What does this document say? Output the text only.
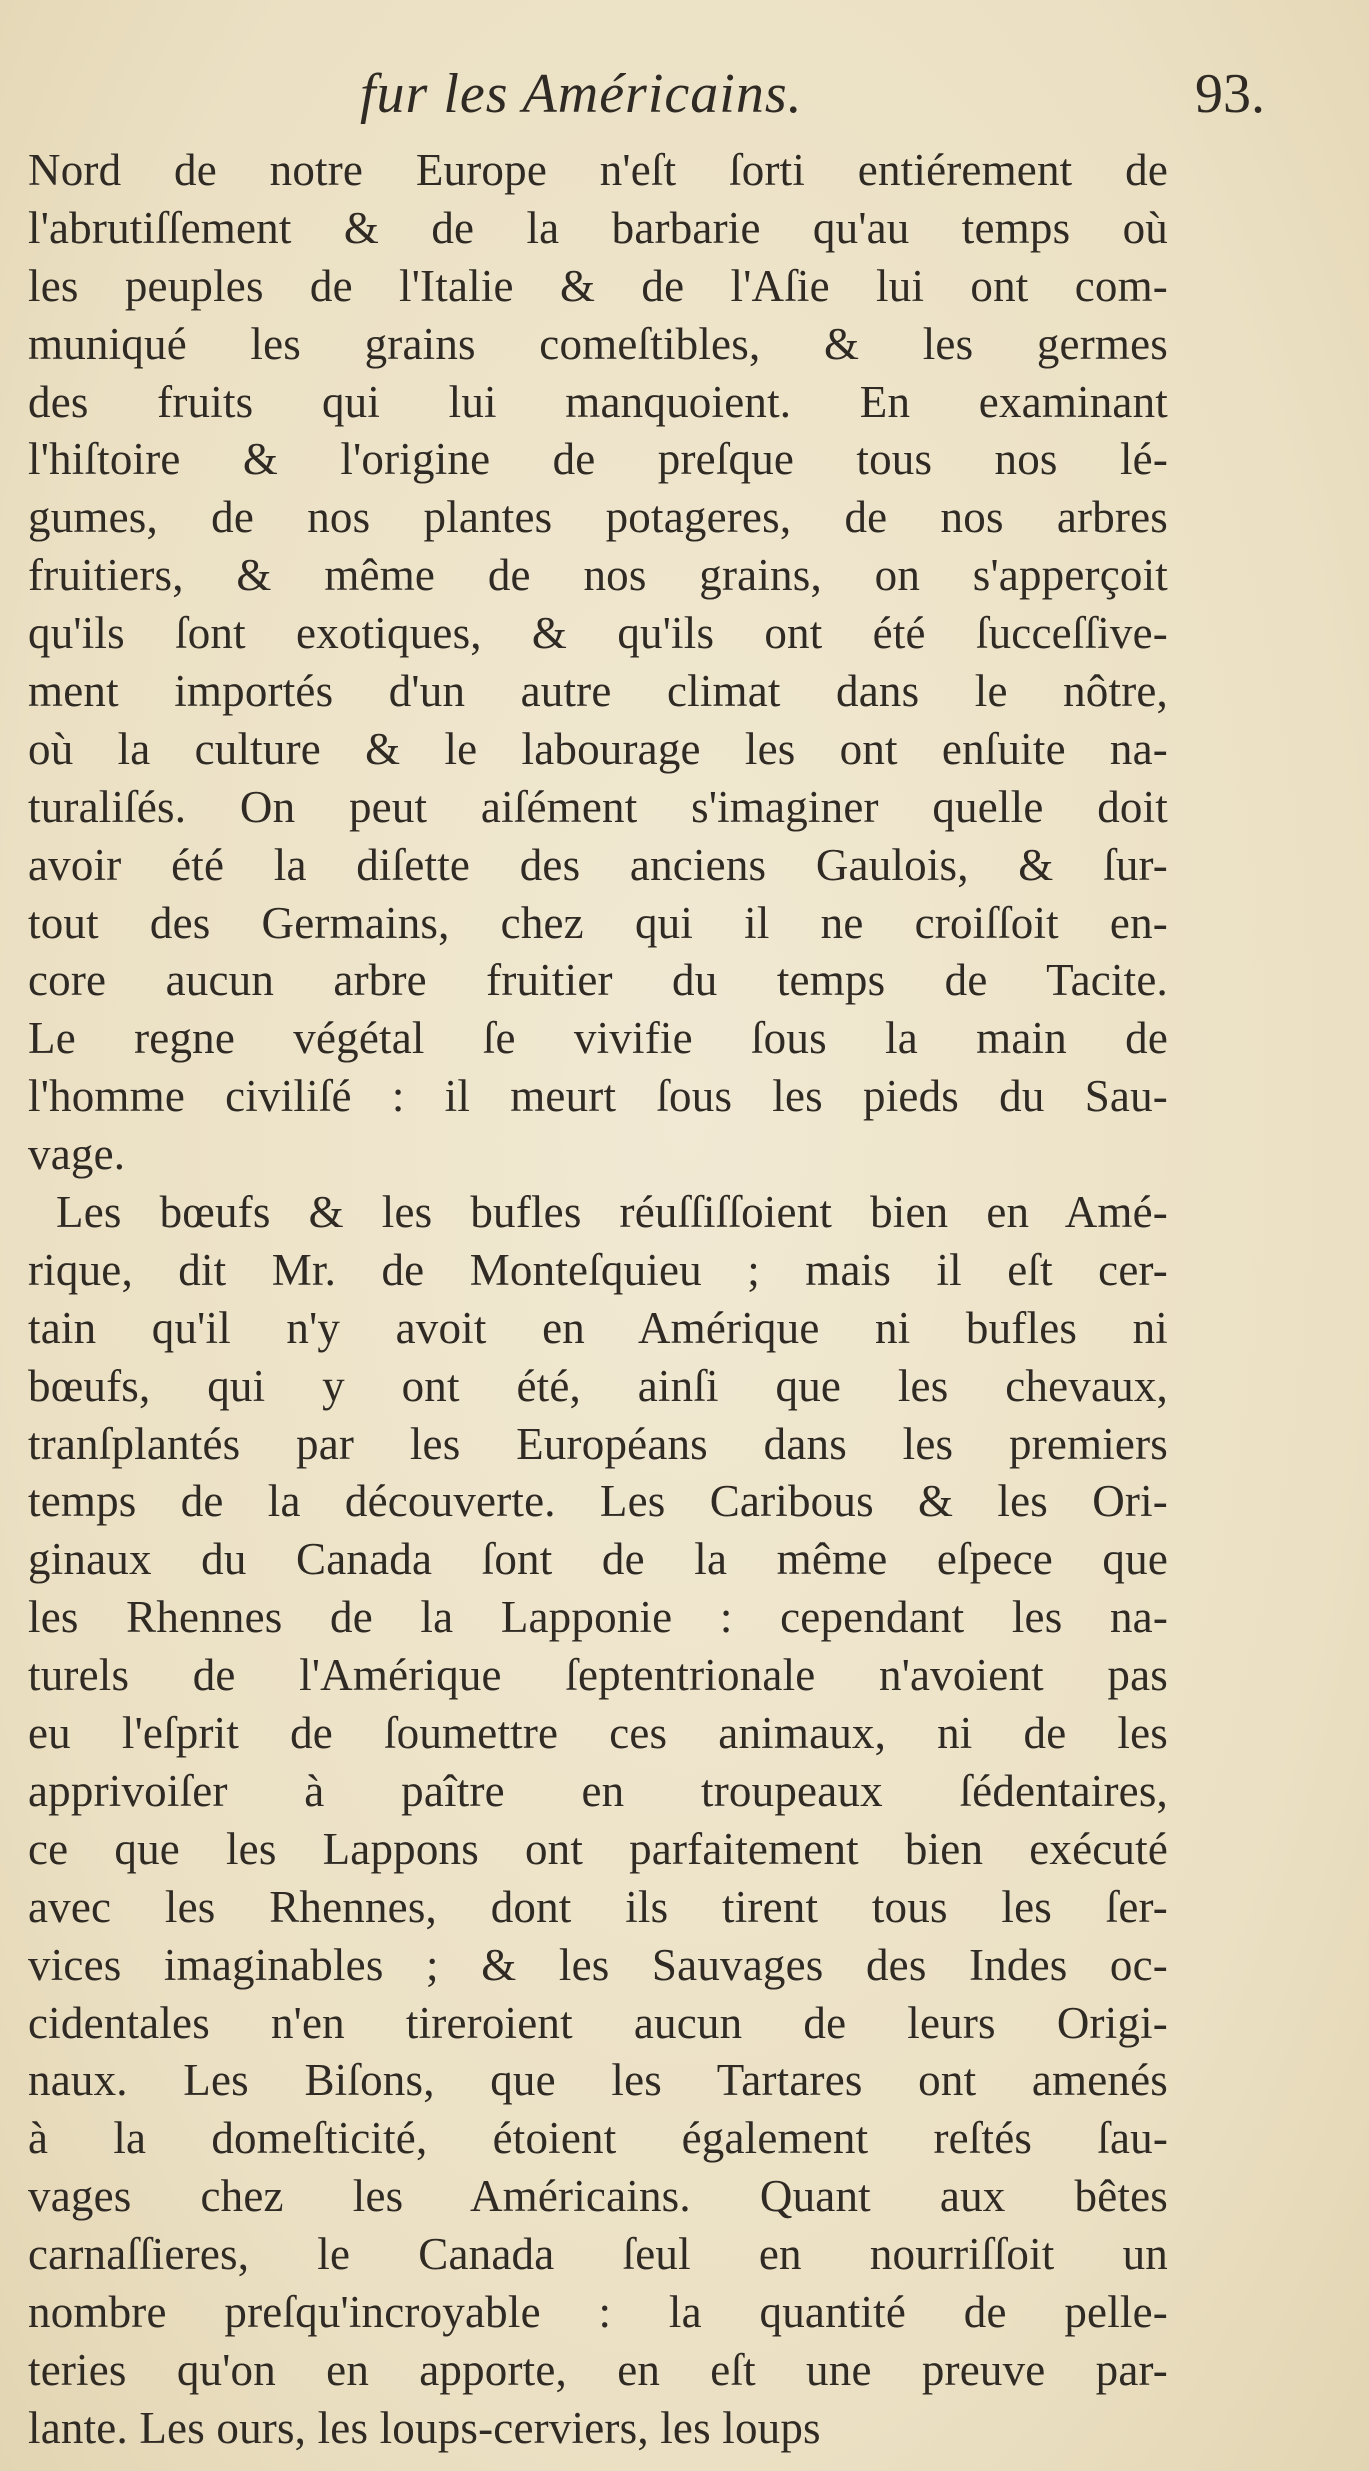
fur les Américains.	93.
Nord de notre Europe n'eſt ſorti entiérement de
l'abrutiſſement & de la barbarie qu'au temps où
les peuples de l'Italie & de l'Aſie lui ont com-
muniqué les grains comeſtibles, & les germes
des fruits qui lui manquoient. En examinant
l'hiſtoire & l'origine de preſque tous nos lé-
gumes, de nos plantes potageres, de nos arbres
fruitiers, & même de nos grains, on s'apperçoit
qu'ils ſont exotiques, & qu'ils ont été ſucceſſive-
ment importés d'un autre climat dans le nôtre,
où la culture & le labourage les ont enſuite na-
turaliſés. On peut aiſément s'imaginer quelle doit
avoir été la diſette des anciens Gaulois, & ſur-
tout des Germains, chez qui il ne croiſſoit en-
core aucun arbre fruitier du temps de Tacite.
Le regne végétal ſe vivifie ſous la main de
l'homme civiliſé : il meurt ſous les pieds du Sau-
vage.
Les bœufs & les bufles réuſſiſſoient bien en Amé-
rique, dit Mr. de Monteſquieu ; mais il eſt cer-
tain qu'il n'y avoit en Amérique ni bufles ni
bœufs, qui y ont été, ainſi que les chevaux,
tranſplantés par les Européans dans les premiers
temps de la découverte. Les Caribous & les Ori-
ginaux du Canada ſont de la même eſpece que
les Rhennes de la Lapponie : cependant les na-
turels de l'Amérique ſeptentrionale n'avoient pas
eu l'eſprit de ſoumettre ces animaux, ni de les
apprivoiſer à paître en troupeaux ſédentaires,
ce que les Lappons ont parfaitement bien exécuté
avec les Rhennes, dont ils tirent tous les ſer-
vices imaginables ; & les Sauvages des Indes oc-
cidentales n'en tireroient aucun de leurs Origi-
naux. Les Biſons, que les Tartares ont amenés
à la domeſticité, étoient également reſtés ſau-
vages chez les Américains. Quant aux bêtes
carnaſſieres, le Canada ſeul en nourriſſoit un
nombre preſqu'incroyable : la quantité de pelle-
teries qu'on en apporte, en eſt une preuve par-
lante. Les ours, les loups-cerviers, les loups
